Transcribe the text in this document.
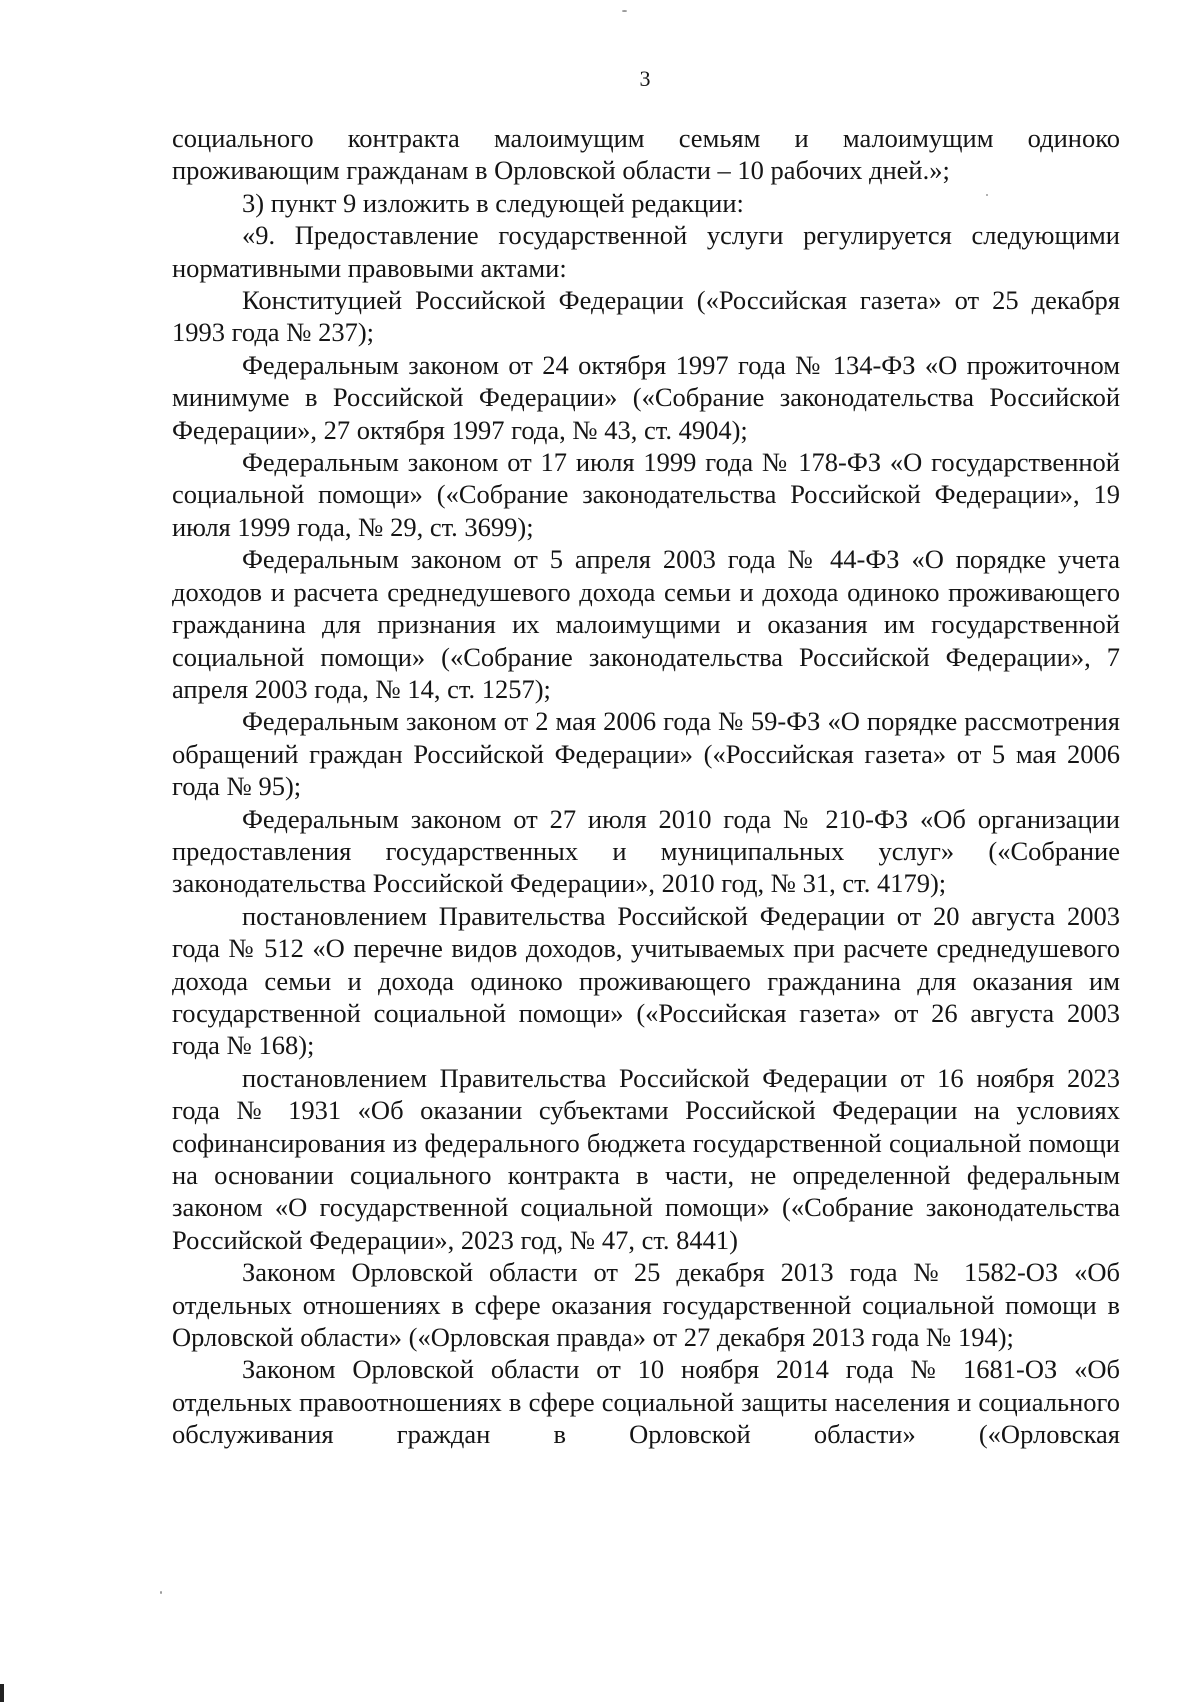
3

социального контракта малоимущим семьям и малоимущим одиноко проживающим гражданам в Орловской области – 10 рабочих дней.»;

3) пункт 9 изложить в следующей редакции:

«9. Предоставление государственной услуги регулируется следующими нормативными правовыми актами:

Конституцией Российской Федерации («Российская газета» от 25 декабря 1993 года № 237);

Федеральным законом от 24 октября 1997 года № 134-ФЗ «О прожиточном минимуме в Российской Федерации» («Собрание законодательства Российской Федерации», 27 октября 1997 года, № 43, ст. 4904);

Федеральным законом от 17 июля 1999 года № 178-ФЗ «О государственной социальной помощи» («Собрание законодательства Российской Федерации», 19 июля 1999 года, № 29, ст. 3699);

Федеральным законом от 5 апреля 2003 года № 44-ФЗ «О порядке учета доходов и расчета среднедушевого дохода семьи и дохода одиноко проживающего гражданина для признания их малоимущими и оказания им государственной социальной помощи» («Собрание законодательства Российской Федерации», 7 апреля 2003 года, № 14, ст. 1257);

Федеральным законом от 2 мая 2006 года № 59-ФЗ «О порядке рассмотрения обращений граждан Российской Федерации» («Российская газета» от 5 мая 2006 года № 95);

Федеральным законом от 27 июля 2010 года № 210-ФЗ «Об организации предоставления государственных и муниципальных услуг» («Собрание законодательства Российской Федерации», 2010 год, № 31, ст. 4179);

постановлением Правительства Российской Федерации от 20 августа 2003 года № 512 «О перечне видов доходов, учитываемых при расчете среднедушевого дохода семьи и дохода одиноко проживающего гражданина для оказания им государственной социальной помощи» («Российская газета» от 26 августа 2003 года № 168);

постановлением Правительства Российской Федерации от 16 ноября 2023 года № 1931 «Об оказании субъектами Российской Федерации на условиях софинансирования из федерального бюджета государственной социальной помощи на основании социального контракта в части, не определенной федеральным законом «О государственной социальной помощи» («Собрание законодательства Российской Федерации», 2023 год, № 47, ст. 8441)

Законом Орловской области от 25 декабря 2013 года № 1582-ОЗ «Об отдельных отношениях в сфере оказания государственной социальной помощи в Орловской области» («Орловская правда» от 27 декабря 2013 года № 194);

Законом Орловской области от 10 ноября 2014 года № 1681-ОЗ «Об отдельных правоотношениях в сфере социальной защиты населения и социального обслуживания граждан в Орловской области» («Орловская
